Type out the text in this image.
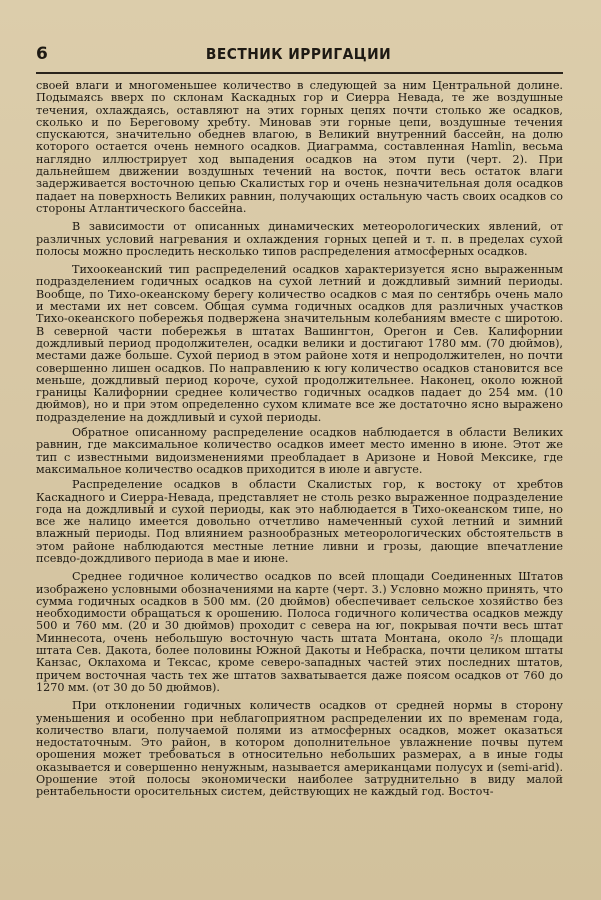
6	ВЕСТНИК ИРРИГАЦИИ

своей влаги и многоменьшее количество в следующей за ним Центральной долине. Подымаясь вверх по склонам Каскадных гор и Сиерра Невада, те же воздушные течения, охлаждаясь, оставляют на этих горных цепях почти столько же осадков, сколько и по Береговому хребту. Миновав эти горные цепи, воздушные течения спускаются, значительно обеднев влагою, в Великий внутренний бассейн, на долю которого остается очень немного осадков. Диаграмма, составленная Hamlin, весьма наглядно иллюстрирует ход выпадения осадков на этом пути (черт. 2). При дальнейшем движении воздушных течений на восток, почти весь остаток влаги задерживается восточною цепью Скалистых гор и очень незначительная доля осадков падает на поверхность Великих равнин, получающих остальную часть своих осадков со стороны Атлантического бассейна.

В зависимости от описанных динамических метеорологических явлений, от различных условий нагревания и охлаждения горных цепей и т. п. в пределах сухой полосы можно проследить несколько типов распределения атмосферных осадков.

Тихоокеанский тип распределений осадков характеризуется ясно выраженным подразделением годичных осадков на сухой летний и дождливый зимний периоды. Вообще, по Тихо-океанскому берегу количество осадков с мая по сентябрь очень мало и местами их нет совсем. Общая сумма годичных осадков для различных участков Тихо-океанского побережья подвержена значительным колебаниям вместе с широтою. В северной части побережья в штатах Вашингтон, Орегон и Сев. Калифорнии дождливый период продолжителен, осадки велики и достигают 1780 мм. (70 дюймов), местами даже больше. Сухой период в этом районе хотя и непродолжителен, но почти совершенно лишен осадков. По направлению к югу количество осадков становится все меньше, дождливый период короче, сухой продолжительнее. Наконец, около южной границы Калифорнии среднее количество годичных осадков падает до 254 мм. (10 дюймов), но и при этом определенно сухом климате все же достаточно ясно выражено подразделение на дождливый и сухой периоды.

Обратное описанному распределение осадков наблюдается в области Великих равнин, где максимальное количество осадков имеет место именно в июне. Этот же тип с известными видоизменениями преобладает в Аризоне и Новой Мексике, где максимальное количество осадков приходится в июле и августе.

Распределение осадков в области Скалистых гор, к востоку от хребтов Каскадного и Сиерра-Невада, представляет не столь резко выраженное подразделение года на дождливый и сухой периоды, как это наблюдается в Тихо-океанском типе, но все же налицо имеется довольно отчетливо намеченный сухой летний и зимний влажный периоды. Под влиянием разнообразных метеорологических обстоятельств в этом районе наблюдаются местные летние ливни и грозы, дающие впечатление псевдо-дождливого периода в мае и июне.

Среднее годичное количество осадков по всей площади Соединенных Штатов изображено условными обозначениями на карте (черт. 3.) Условно можно принять, что сумма годичных осадков в 500 мм. (20 дюймов) обеспечивает сельское хозяйство без необходимости обращаться к орошению. Полоса годичного количества осадков между 500 и 760 мм. (20 и 30 дюймов) проходит с севера на юг, покрывая почти весь штат Миннесота, очень небольшую восточную часть штата Монтана, около ²/₅ площади штата Сев. Дакота, более половины Южной Дакоты и Небраска, почти целиком штаты Канзас, Оклахома и Тексас, кроме северо-западных частей этих последних штатов, причем восточная часть тех же штатов захватывается даже поясом осадков от 760 до 1270 мм. (от 30 до 50 дюймов).

При отклонении годичных количеств осадков от средней нормы в сторону уменьшения и особенно при неблагоприятном распределении их по временам года, количество влаги, получаемой полями из атмосферных осадков, может оказаться недостаточным. Это район, в котором дополнительное увлажнение почвы путем орошения может требоваться в относительно небольших размерах, а в иные годы оказывается и совершенно ненужным, называется американцами полусух и (semi-arid). Орошение этой полосы экономически наиболее затруднительно в виду малой рентабельности оросительных систем, действующих не каждый год. Восточ-
